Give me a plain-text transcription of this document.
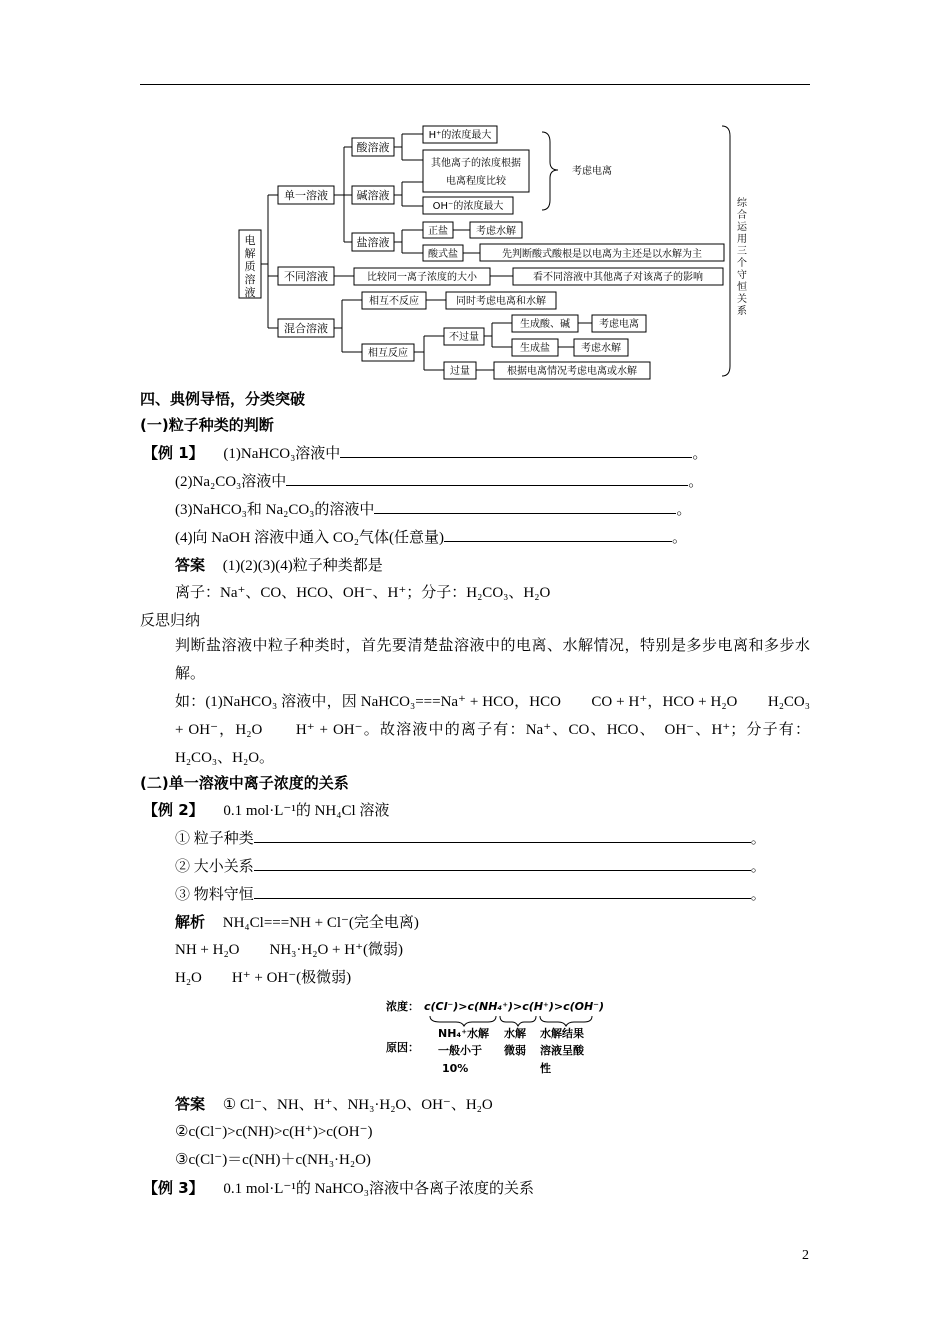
电
解
质
溶
液
单一溶液
不同溶液
混合溶液
酸溶液
碱溶液
盐溶液
H⁺的浓度最大
其他离子的浓度根据
电离程度比较
OH⁻的浓度最大
考虑电离
正盐	考虑水解
酸式盐	先判断酸式酸根是以电离为主还是以水解为主
比较同一离子浓度的大小	看不同溶液中其他离子对该离子的影响
相互不反应	同时考虑电离和水解
相互反应
不过量
生成酸、碱	考虑电离
生成盐	考虑水解
过量	根据电离情况考虑电离或水解
综
合
运
用
三
个
守
恒
关
系
四、典例导悟，分类突破
(一)粒子种类的判断
【例 1】 (1)NaHCO₃溶液中	。
(2)Na₂CO₃溶液中	。
(3)NaHCO₃和 Na₂CO₃的溶液中	。
(4)向 NaOH 溶液中通入 CO₂气体(任意量)	。
答案 (1)(2)(3)(4)粒子种类都是
离子：Na⁺、CO、HCO、OH⁻、H⁺；分子：H₂CO₃、H₂O
反思归纳
判断盐溶液中粒子种类时，首先要清楚盐溶液中的电离、水解情况，特别是多步电离和多步水解。
如：(1)NaHCO₃ 溶液中，因 NaHCO₃===Na⁺ + HCO，HCO　　CO + H⁺，HCO + H₂O　　H₂CO₃ + OH⁻，H₂O　　H⁺ + OH⁻。故溶液中的离子有：Na⁺、CO、HCO、　OH⁻、H⁺；分子有：H₂CO₃、H₂O。
(二)单一溶液中离子浓度的关系
【例 2】 0.1 mol·L⁻¹的 NH₄Cl 溶液
① 粒子种类	。
② 大小关系	。
③ 物料守恒	。
解析 NH₄Cl===NH + Cl⁻(完全电离)
NH + H₂O　　NH₃·H₂O + H⁺(微弱)
H₂O　　H⁺ + OH⁻(极微弱)
浓度： c(Cl⁻)>c(NH₄⁺)>c(H⁺)>c(OH⁻)
原因：
NH₄⁺水解
一般小于
10%
水解
微弱
水解结果
溶液呈酸
性
答案 ① Cl⁻、NH、H⁺、NH₃·H₂O、OH⁻、H₂O
②c(Cl⁻)>c(NH)>c(H⁺)>c(OH⁻)
③c(Cl⁻)＝c(NH)＋c(NH₃·H₂O)
【例 3】 0.1 mol·L⁻¹的 NaHCO₃溶液中各离子浓度的关系
2
